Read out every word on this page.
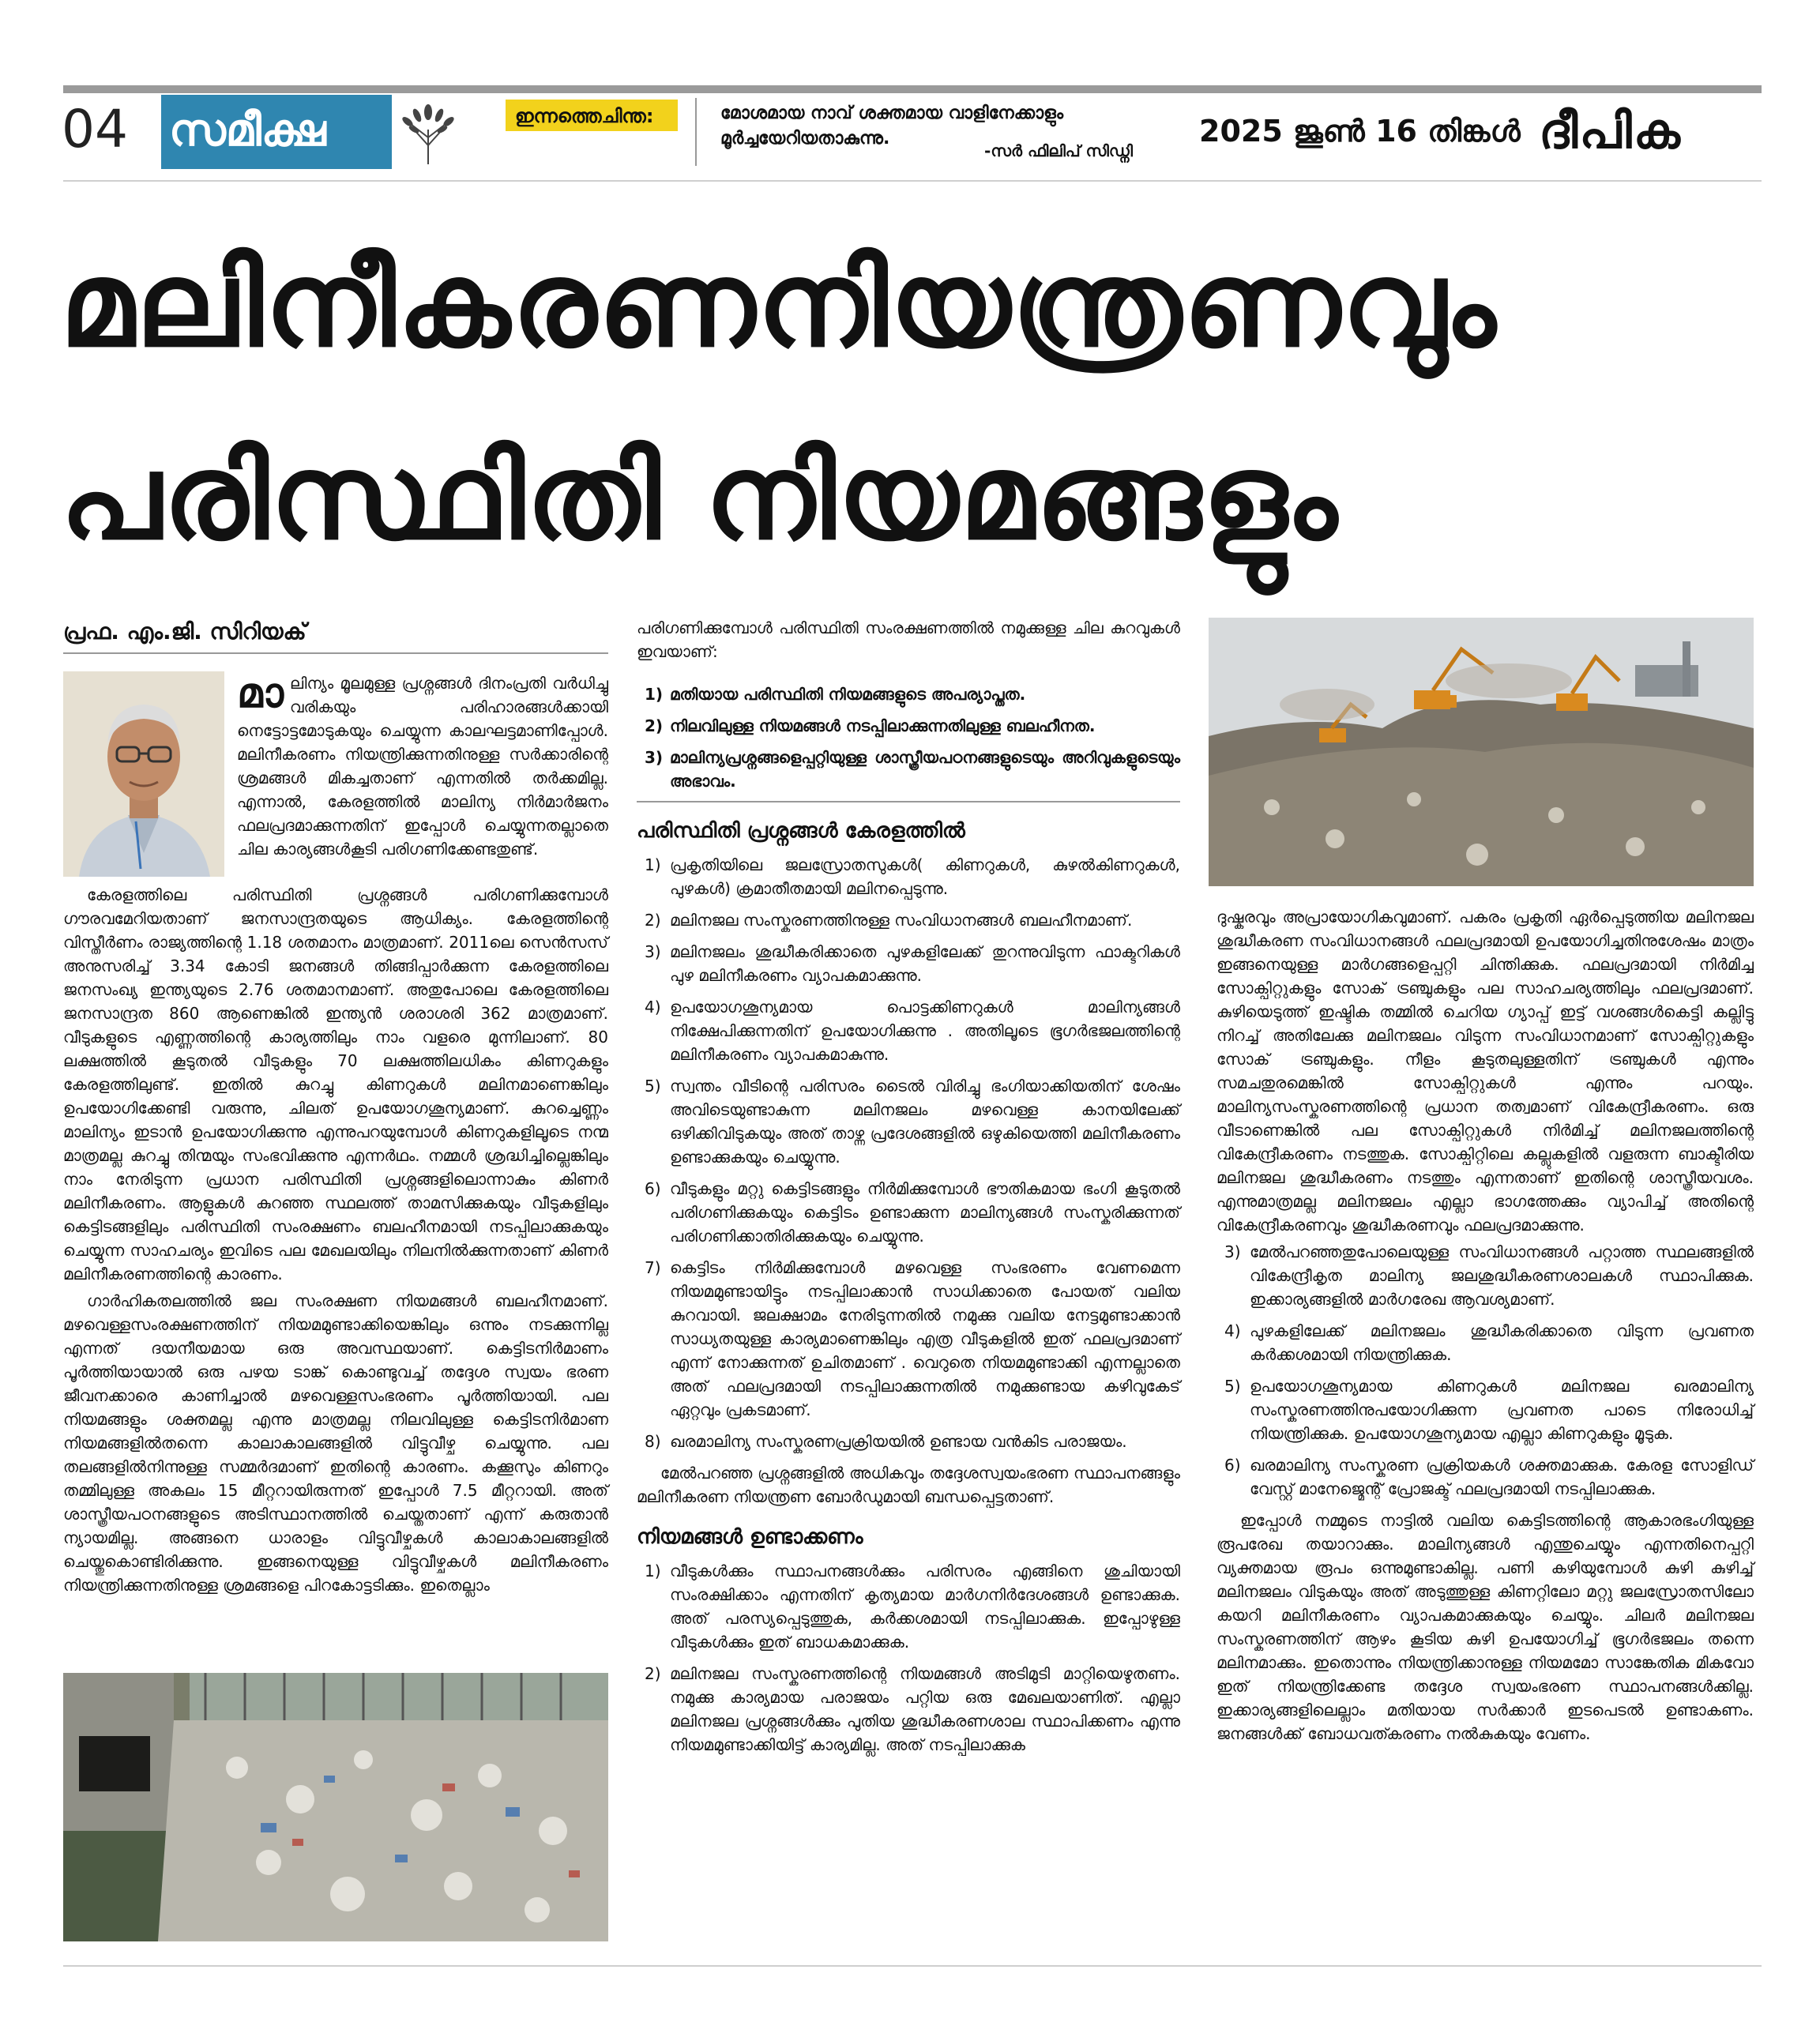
04 സമീക്ഷ	ഇന്നത്തെചിന്ത:	മോശമായ നാവ് ശക്തമായ വാളിനേക്കാളും
മൂർച്ചയേറിയതാകുന്നു.
-സർ ഫിലിപ് സിഡ്നി
2025 ജൂൺ 16 തിങ്കൾ ദീപിക
മലിനീകരണനിയന്ത്രണവും
പരിസ്ഥിതി നിയമങ്ങളും
പ്രഫ. എം.ജി. സിറിയക്
മാ ലിന്യം മൂലമുള്ള പ്രശ്നങ്ങൾ ദിനംപ്രതി വർധിച്ചു വരികയും പരിഹാരങ്ങൾക്കായി നെട്ടോട്ടമോടുകയും ചെയ്യുന്ന കാലഘട്ടമാണിപ്പോൾ. മലിനീകരണം നിയന്ത്രിക്കുന്നതിനുള്ള സർക്കാരിന്റെ ശ്രമങ്ങൾ മികച്ചതാണ് എന്നതിൽ തർക്കമില്ല. എന്നാൽ, കേരളത്തിൽ മാലിന്യ നിർമാർജനം ഫലപ്രദമാക്കുന്നതിന് ഇപ്പോൾ ചെയ്യുന്നതല്ലാതെ ചില കാര്യങ്ങൾകൂടി പരിഗണിക്കേണ്ടതുണ്ട്.

കേരളത്തിലെ പരിസ്ഥിതി പ്രശ്നങ്ങൾ പരിഗണിക്കുമ്പോൾ ഗൗരവമേറിയതാണ് ജനസാന്ദ്രതയുടെ ആധിക്യം. കേരളത്തിന്റെ വിസ്തീർണം രാജ്യത്തിന്റെ 1.18 ശതമാനം മാത്രമാണ്. 2011ലെ സെൻസസ് അനുസരിച്ച് 3.34 കോടി ജനങ്ങൾ തിങ്ങിപ്പാർക്കുന്ന കേരളത്തിലെ ജനസംഖ്യ ഇന്ത്യയുടെ 2.76 ശതമാനമാണ്. അതുപോലെ കേരളത്തിലെ ജനസാന്ദ്രത 860 ആണെങ്കിൽ ഇന്ത്യൻ ശരാശരി 362 മാത്രമാണ്. വീടുകളുടെ എണ്ണത്തിന്റെ കാര്യത്തിലും നാം വളരെ മുന്നിലാണ്. 80 ലക്ഷത്തിൽ കൂടുതൽ വീടുകളും 70 ലക്ഷത്തിലധികം കിണറുകളും കേരളത്തിലുണ്ട്. ഇതിൽ കുറച്ചു കിണറുകൾ മലിനമാണെങ്കിലും ഉപയോഗിക്കേണ്ടി വരുന്നു, ചിലത് ഉപയോഗശൂന്യമാണ്. കുറച്ചെണ്ണം മാലിന്യം ഇടാൻ ഉപയോഗിക്കുന്നു എന്നുപറയുമ്പോൾ കിണറുകളിലൂടെ നന്മ മാത്രമല്ല കുറച്ചു തിന്മയും സംഭവിക്കുന്നു എന്നർഥം. നമ്മൾ ശ്രദ്ധിച്ചില്ലെങ്കിലും നാം നേരിടുന്ന പ്രധാന പരിസ്ഥിതി പ്രശ്നങ്ങളിലൊന്നാകും കിണർ മലിനീകരണം. ആളുകൾ കുറഞ്ഞ സ്ഥലത്ത് താമസിക്കുകയും വീടുകളിലും കെട്ടിടങ്ങളിലും പരിസ്ഥിതി സംരക്ഷണം ബലഹീനമായി നടപ്പിലാക്കുകയും ചെയ്യുന്ന സാഹചര്യം ഇവിടെ പല മേഖലയിലും നിലനിൽക്കുന്നതാണ് കിണർ മലിനീകരണത്തിന്റെ കാരണം.

ഗാർഹികതലത്തിൽ ജല സംരക്ഷണ നിയമങ്ങൾ ബലഹീനമാണ്. മഴവെള്ളസംരക്ഷണത്തിന് നിയമമുണ്ടാക്കിയെങ്കിലും ഒന്നും നടക്കുന്നില്ല എന്നത് ദയനീയമായ ഒരു അവസ്ഥയാണ്. കെട്ടിടനിർമാണം പൂർത്തിയായാൽ ഒരു പഴയ ടാങ്ക് കൊണ്ടുവച്ച് തദ്ദേശ സ്വയം ഭരണ ജീവനക്കാരെ കാണിച്ചാൽ മഴവെള്ളസംഭരണം പൂർത്തിയായി. പല നിയമങ്ങളും ശക്തമല്ല എന്നു മാത്രമല്ല നിലവിലുള്ള കെട്ടിടനിർമാണ നിയമങ്ങളിൽതന്നെ കാലാകാലങ്ങളിൽ വിട്ടുവീഴ്ച ചെയ്യുന്നു. പല തലങ്ങളിൽനിന്നുള്ള സമ്മർദമാണ് ഇതിന്റെ കാരണം. കക്കൂസും കിണറും തമ്മിലുള്ള അകലം 15 മീറ്ററായിരുന്നത് ഇപ്പോൾ 7.5 മീറ്ററായി. അത് ശാസ്ത്രീയപഠനങ്ങളുടെ അടിസ്ഥാനത്തിൽ ചെയ്തതാണ് എന്ന് കരുതാൻ ന്യായമില്ല. അങ്ങനെ ധാരാളം വിട്ടുവീഴ്ചകൾ കാലാകാലങ്ങളിൽ ചെയ്തുകൊണ്ടിരിക്കുന്നു. ഇങ്ങനെയുള്ള വിട്ടുവീഴ്ചകൾ മലിനീകരണം നിയന്ത്രിക്കുന്നതിനുള്ള ശ്രമങ്ങളെ പിറകോട്ടടിക്കും. ഇതെല്ലാം

പരിഗണിക്കുമ്പോൾ പരിസ്ഥിതി സംരക്ഷണത്തിൽ നമുക്കുള്ള ചില കുറവുകൾ ഇവയാണ്:

1) മതിയായ പരിസ്ഥിതി നിയമങ്ങളുടെ അപര്യാപ്തത.
2) നിലവിലുള്ള നിയമങ്ങൾ നടപ്പിലാക്കുന്നതിലുള്ള ബലഹീനത.
3) മാലിന്യപ്രശ്നങ്ങളെപ്പറ്റിയുള്ള ശാസ്ത്രീയപഠനങ്ങളുടെയും അറിവുകളുടെയും അഭാവം.
പരിസ്ഥിതി പ്രശ്നങ്ങൾ കേരളത്തിൽ
1) പ്രകൃതിയിലെ ജലസ്രോതസുകൾ( കിണറുകൾ, കുഴൽകിണറുകൾ, പുഴകൾ) ക്രമാതീതമായി മലിനപ്പെടുന്നു.
2) മലിനജല സംസ്കരണത്തിനുള്ള സംവിധാനങ്ങൾ ബലഹീനമാണ്.
3) മലിനജലം ശുദ്ധീകരിക്കാതെ പുഴകളിലേക്ക് തുറന്നുവിടുന്ന ഫാക്ടറികൾ പുഴ മലിനീകരണം വ്യാപകമാക്കുന്നു.
4) ഉപയോഗശൂന്യമായ പൊട്ടക്കിണറുകൾ മാലിന്യങ്ങൾ നിക്ഷേപിക്കുന്നതിന് ഉപയോഗിക്കുന്നു . അതിലൂടെ ഭൂഗർഭജലത്തിന്റെ മലിനീകരണം വ്യാപകമാകുന്നു.
5) സ്വന്തം വീടിന്റെ പരിസരം ടൈൽ വിരിച്ചു ഭംഗിയാക്കിയതിന് ശേഷം അവിടെയുണ്ടാകുന്ന മലിനജലം മഴവെള്ള കാനയിലേക്ക് ഒഴിക്കിവിടുകയും അത് താഴ്ന്ന പ്രദേശങ്ങളിൽ ഒഴുകിയെത്തി മലിനീകരണം ഉണ്ടാക്കുകയും ചെയ്യുന്നു.
6) വീടുകളും മറ്റു കെട്ടിടങ്ങളും നിർമിക്കുമ്പോൾ ഭൗതികമായ ഭംഗി കൂടുതൽ പരിഗണിക്കുകയും കെട്ടിടം ഉണ്ടാക്കുന്ന മാലിന്യങ്ങൾ സംസ്കരിക്കുന്നത് പരിഗണിക്കാതിരിക്കുകയും ചെയ്യുന്നു.
7) കെട്ടിടം നിർമിക്കുമ്പോൾ മഴവെള്ള സംഭരണം വേണമെന്ന നിയമമുണ്ടായിട്ടും നടപ്പിലാക്കാൻ സാധിക്കാതെ പോയത് വലിയ കുറവായി. ജലക്ഷാമം നേരിടുന്നതിൽ നമുക്കു വലിയ നേട്ടമുണ്ടാക്കാൻ സാധ്യതയുള്ള കാര്യമാണെങ്കിലും എത്ര വീടുകളിൽ ഇത് ഫലപ്രദമാണ് എന്ന് നോക്കുന്നത് ഉചിതമാണ് . വെറുതെ നിയമമുണ്ടാക്കി എന്നല്ലാതെ അത് ഫലപ്രദമായി നടപ്പിലാക്കുന്നതിൽ നമുക്കുണ്ടായ കഴിവുകേട് ഏറ്റവും പ്രകടമാണ്.
8) ഖരമാലിന്യ സംസ്കരണപ്രക്രിയയിൽ ഉണ്ടായ വൻകിട പരാജയം.

മേൽപറഞ്ഞ പ്രശ്നങ്ങളിൽ അധികവും തദ്ദേശസ്വയംഭരണ സ്ഥാപനങ്ങളും മലിനീകരണ നിയന്ത്രണ ബോർഡുമായി ബന്ധപ്പെട്ടതാണ്.

നിയമങ്ങൾ ഉണ്ടാക്കണം
1) വീടുകൾക്കും സ്ഥാപനങ്ങൾക്കും പരിസരം എങ്ങിനെ ശുചിയായി സംരക്ഷിക്കാം എന്നതിന് കൃത്യമായ മാർഗനിർദേശങ്ങൾ ഉണ്ടാക്കുക. അത് പരസ്യപ്പെടുത്തുക, കർക്കശമായി നടപ്പിലാക്കുക. ഇപ്പോഴുള്ള വീടുകൾക്കും ഇത് ബാധകമാക്കുക.
2) മലിനജല സംസ്കരണത്തിന്റെ നിയമങ്ങൾ അടിമുടി മാറ്റിയെഴുതണം. നമുക്കു കാര്യമായ പരാജയം പറ്റിയ ഒരു മേഖലയാണിത്. എല്ലാ മലിനജല പ്രശ്നങ്ങൾക്കും പുതിയ ശുദ്ധീകരണശാല സ്ഥാപിക്കണം എന്നു നിയമമുണ്ടാക്കിയിട്ട് കാര്യമില്ല. അത് നടപ്പിലാക്കുക

ദുഷ്കരവും അപ്രായോഗികവുമാണ്. പകരം പ്രകൃതി ഏർപ്പെടുത്തിയ മലിനജല ശുദ്ധീകരണ സംവിധാനങ്ങൾ ഫലപ്രദമായി ഉപയോഗിച്ചതിനുശേഷം മാത്രം ഇങ്ങനെയുള്ള മാർഗങ്ങളെപ്പറ്റി ചിന്തിക്കുക. ഫലപ്രദമായി നിർമിച്ച സോക്പിറ്റുകളും സോക് ട്രഞ്ചുകളും പല സാഹചര്യത്തിലും ഫലപ്രദമാണ്. കുഴിയെടുത്ത് ഇഷ്ടിക തമ്മിൽ ചെറിയ ഗ്യാപ്പ് ഇട്ട് വശങ്ങൾകെട്ടി കല്ലിട്ടു നിറച്ച് അതിലേക്കു മലിനജലം വിടുന്ന സംവിധാനമാണ് സോക്പിറ്റുകളും സോക് ട്രഞ്ചുകളും. നീളം കൂടുതലുള്ളതിന് ട്രഞ്ചുകൾ എന്നും സമചതുരമെങ്കിൽ സോക്പിറ്റുകൾ എന്നും പറയും. മാലിന്യസംസ്കരണത്തിന്റെ പ്രധാന തത്വമാണ് വികേന്ദ്രീകരണം. ഒരു വീടാണെങ്കിൽ പല സോക്പിറ്റുകൾ നിർമിച്ച് മലിനജലത്തിന്റെ വികേന്ദ്രീകരണം നടത്തുക. സോക്പിറ്റിലെ കല്ലുകളിൽ വളരുന്ന ബാക്ടീരിയ മലിനജല ശുദ്ധീകരണം നടത്തും എന്നതാണ് ഇതിന്റെ ശാസ്ത്രീയവശം. എന്നുമാത്രമല്ല മലിനജലം എല്ലാ ഭാഗത്തേക്കും വ്യാപിച്ച് അതിന്റെ വികേന്ദ്രീകരണവും ശുദ്ധീകരണവും ഫലപ്രദമാക്കുന്നു.

3) മേൽപറഞ്ഞതുപോലെയുള്ള സംവിധാനങ്ങൾ പറ്റാത്ത സ്ഥലങ്ങളിൽ വികേന്ദ്രീകൃത മാലിന്യ ജലശുദ്ധീകരണശാലകൾ സ്ഥാപിക്കുക. ഇക്കാര്യങ്ങളിൽ മാർഗരേഖ ആവശ്യമാണ്.
4) പുഴകളിലേക്ക് മലിനജലം ശുദ്ധീകരിക്കാതെ വിടുന്ന പ്രവണത കർക്കശമായി നിയന്ത്രിക്കുക.
5) ഉപയോഗശൂന്യമായ കിണറുകൾ മലിനജല ഖരമാലിന്യ സംസ്കരണത്തിനുപയോഗിക്കുന്ന പ്രവണത പാടെ നിരോധിച്ച് നിയന്ത്രിക്കുക. ഉപയോഗശൂന്യമായ എല്ലാ കിണറുകളും മൂടുക.
6) ഖരമാലിന്യ സംസ്കരണ പ്രക്രിയകൾ ശക്തമാക്കുക. കേരള സോളിഡ് വേസ്റ്റ് മാനേജ്മെന്റ് പ്രോജക്ട് ഫലപ്രദമായി നടപ്പിലാക്കുക.

ഇപ്പോൾ നമ്മുടെ നാട്ടിൽ വലിയ കെട്ടിടത്തിന്റെ ആകാരഭംഗിയുള്ള രൂപരേഖ തയാറാക്കും. മാലിന്യങ്ങൾ എന്തുചെയ്യും എന്നതിനെപ്പറ്റി വ്യക്തമായ രൂപം ഒന്നുമുണ്ടാകില്ല. പണി കഴിയുമ്പോൾ കുഴി കുഴിച്ച് മലിനജലം വിടുകയും അത് അടുത്തുള്ള കിണറ്റിലോ മറ്റു ജലസ്രോതസിലോ കയറി മലിനീകരണം വ്യാപകമാക്കുകയും ചെയ്യും. ചിലർ മലിനജല സംസ്കരണത്തിന് ആഴം കൂടിയ കുഴി ഉപയോഗിച്ച് ഭൂഗർഭജലം തന്നെ മലിനമാക്കും. ഇതൊന്നും നിയന്ത്രിക്കാനുള്ള നിയമമോ സാങ്കേതിക മികവോ ഇത് നിയന്ത്രിക്കേണ്ട തദ്ദേശ സ്വയംഭരണ സ്ഥാപനങ്ങൾക്കില്ല. ഇക്കാര്യങ്ങളിലെല്ലാം മതിയായ സർക്കാർ ഇടപെടൽ ഉണ്ടാകണം. ജനങ്ങൾക്ക് ബോധവത്കരണം നൽകുകയും വേണം.
